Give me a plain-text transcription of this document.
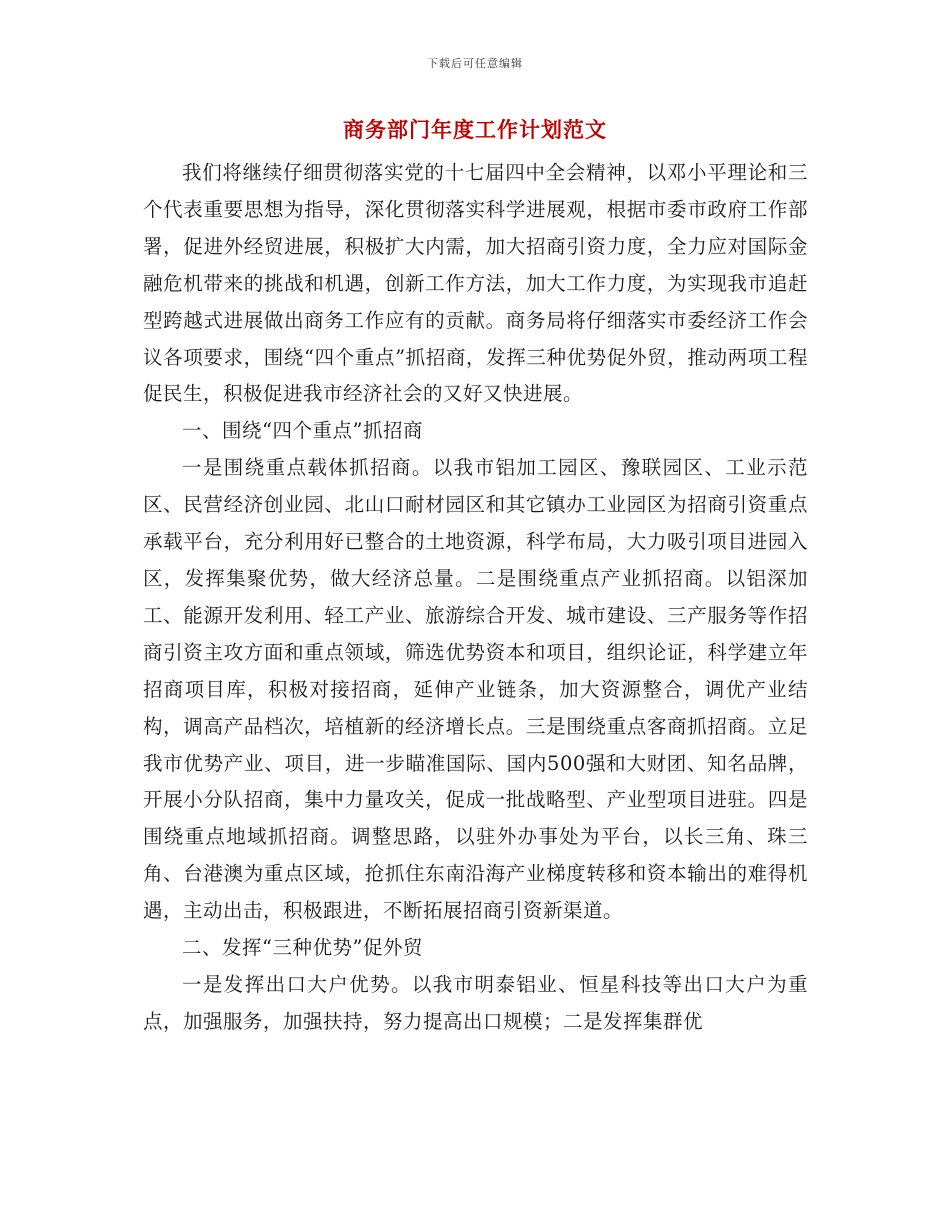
下载后可任意编辑
商务部门年度工作计划范文

我们将继续仔细贯彻落实党的十七届四中全会精神，以邓小平理论和三个代表重要思想为指导，深化贯彻落实科学进展观，根据市委市政府工作部署，促进外经贸进展，积极扩大内需，加大招商引资力度，全力应对国际金融危机带来的挑战和机遇，创新工作方法，加大工作力度，为实现我市追赶型跨越式进展做出商务工作应有的贡献。商务局将仔细落实市委经济工作会议各项要求，围绕“四个重点”抓招商，发挥三种优势促外贸，推动两项工程促民生，积极促进我市经济社会的又好又快进展。

一、围绕“四个重点”抓招商

一是围绕重点载体抓招商。以我市铝加工园区、豫联园区、工业示范区、民营经济创业园、北山口耐材园区和其它镇办工业园区为招商引资重点承载平台，充分利用好已整合的土地资源，科学布局，大力吸引项目进园入区，发挥集聚优势，做大经济总量。二是围绕重点产业抓招商。以铝深加工、能源开发利用、轻工产业、旅游综合开发、城市建设、三产服务等作招商引资主攻方面和重点领域，筛选优势资本和项目，组织论证，科学建立年招商项目库，积极对接招商，延伸产业链条，加大资源整合，调优产业结构，调高产品档次，培植新的经济增长点。三是围绕重点客商抓招商。立足我市优势产业、项目，进一步瞄准国际、国内500强和大财团、知名品牌，开展小分队招商，集中力量攻关，促成一批战略型、产业型项目进驻。四是围绕重点地域抓招商。调整思路，以驻外办事处为平台，以长三角、珠三角、台港澳为重点区域，抢抓住东南沿海产业梯度转移和资本输出的难得机遇，主动出击，积极跟进，不断拓展招商引资新渠道。

二、发挥“三种优势”促外贸

一是发挥出口大户优势。以我市明泰铝业、恒星科技等出口大户为重点，加强服务，加强扶持，努力提高出口规模；二是发挥集群优
